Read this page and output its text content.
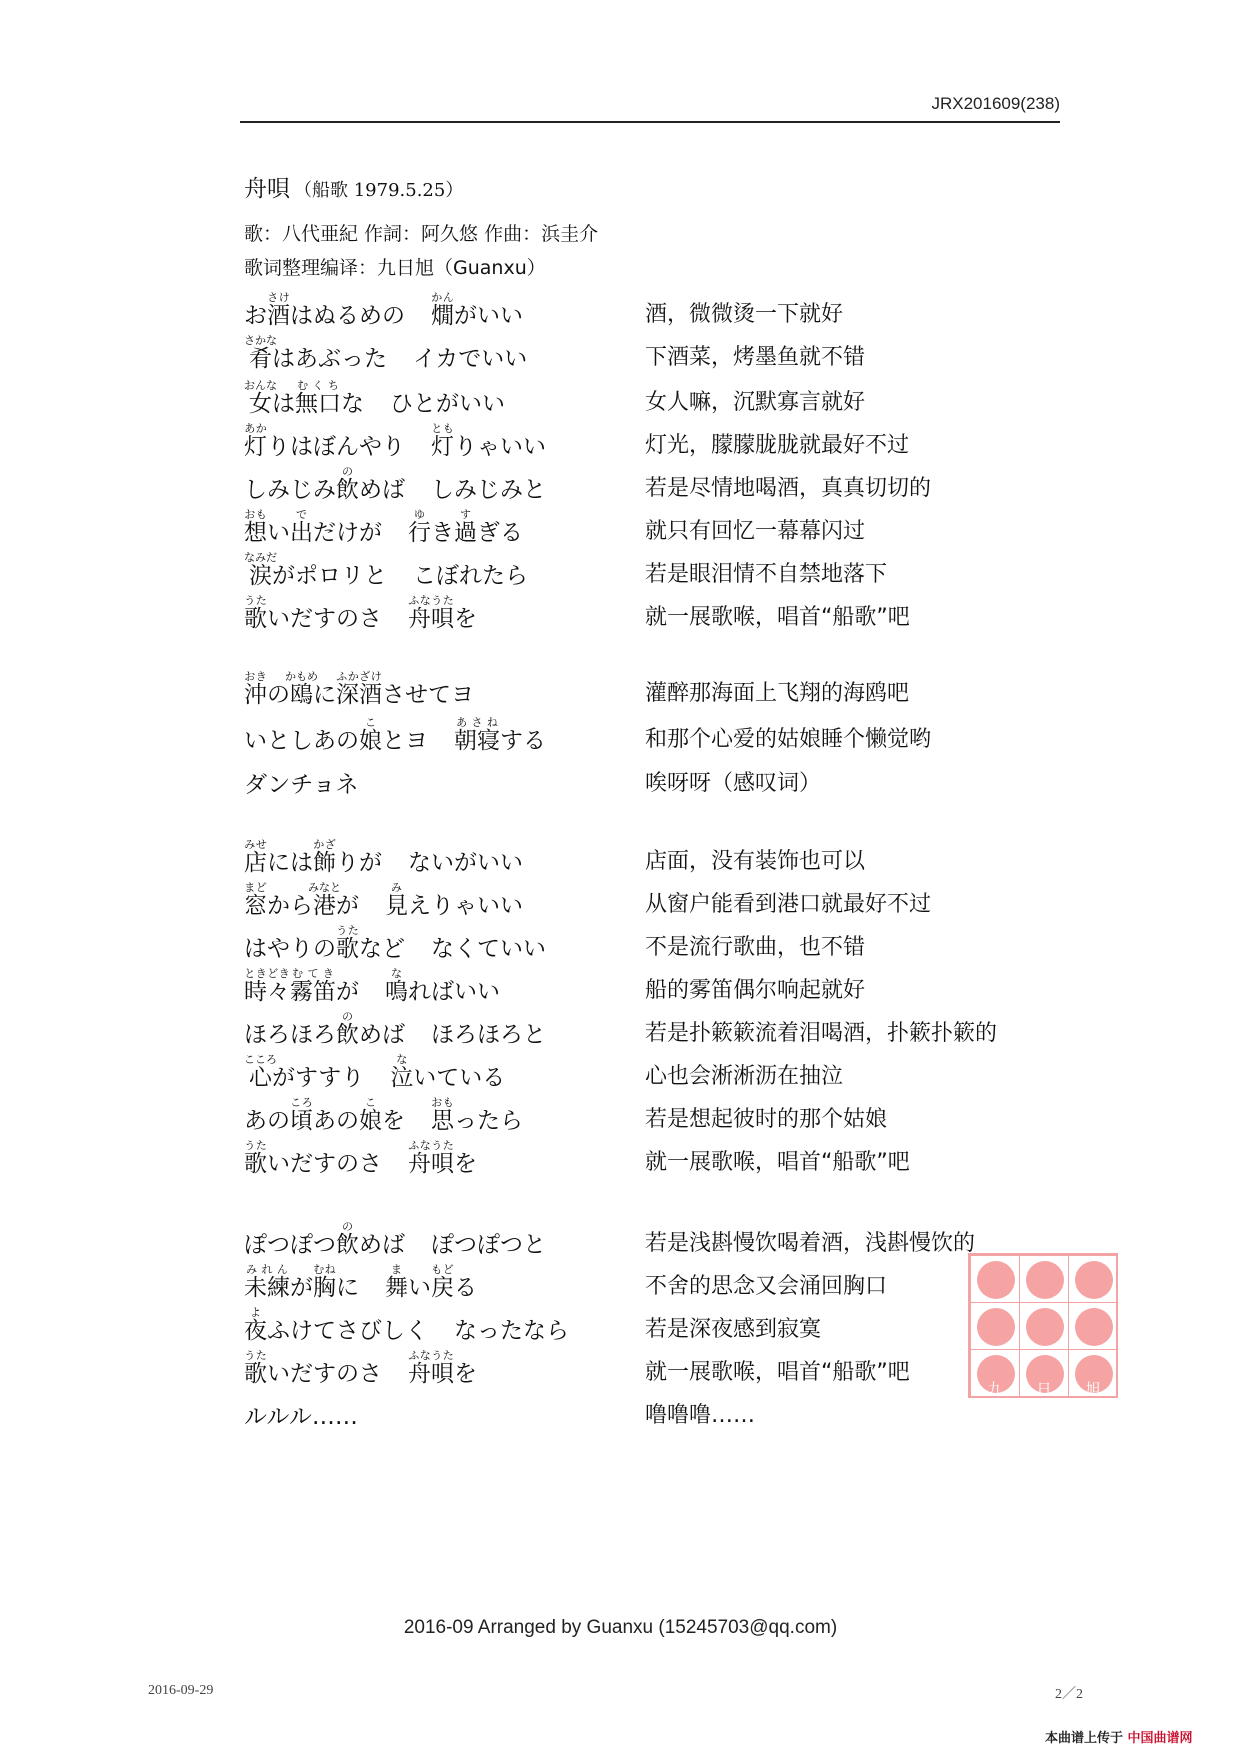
JRX201609(238)
舟唄 （船歌 1979.5.25）
歌：八代亜紀 作詞：阿久悠 作曲：浜圭介
歌词整理编译：九日旭（Guanxu）
お酒さけはぬるめの 燗かんがいい	酒，微微烫一下就好
肴さかなはあぶった イカでいい	下酒菜，烤墨鱼就不错
女おんなは無口むくちな ひとがいい	女人嘛，沉默寡言就好
灯あかりはぼんやり 灯ともりゃいい	灯光，朦朦胧胧就最好不过
しみじみ飲のめば しみじみと	若是尽情地喝酒，真真切切的
想おもい出でだけが 行ゆき過すぎる	就只有回忆一幕幕闪过
涙なみだがポロリと こぼれたら	若是眼泪情不自禁地落下
歌うたいだすのさ 舟唄ふなうたを	就一展歌喉，唱首“船歌”吧
沖おきの鴎かもめに深酒ふかざけさせてヨ	灌醉那海面上飞翔的海鸥吧
いとしあの娘ことヨ 朝寝あさねする	和那个心爱的姑娘睡个懒觉哟
ダンチョネ	唉呀呀（感叹词）
店みせには飾かざりが ないがいい	店面，没有装饰也可以
窓まどから港みなとが 見みえりゃいい	从窗户能看到港口就最好不过
はやりの歌うたなど なくていい	不是流行歌曲，也不错
時々ときどき霧笛むてきが 鳴なればいい	船的雾笛偶尔响起就好
ほろほろ飲のめば ほろほろと	若是扑簌簌流着泪喝酒，扑簌扑簌的
心こころがすすり 泣ないている	心也会淅淅沥在抽泣
あの頃ころあの娘こを 思おもったら	若是想起彼时的那个姑娘
歌うたいだすのさ 舟唄ふなうたを	就一展歌喉，唱首“船歌”吧
ぽつぽつ飲のめば ぽつぽつと	若是浅斟慢饮喝着酒，浅斟慢饮的
未練みれんが胸むねに 舞まい戻もどる	不舍的思念又会涌回胸口
夜よふけてさびしく なったなら	若是深夜感到寂寞
歌うたいだすのさ 舟唄ふなうたを	就一展歌喉，唱首“船歌”吧
ルルル……	噜噜噜……
九	日	旭
2016-09 Arranged by Guanxu (15245703@qq.com)
2016-09-29	2／2
本曲谱上传于 中国曲谱网
